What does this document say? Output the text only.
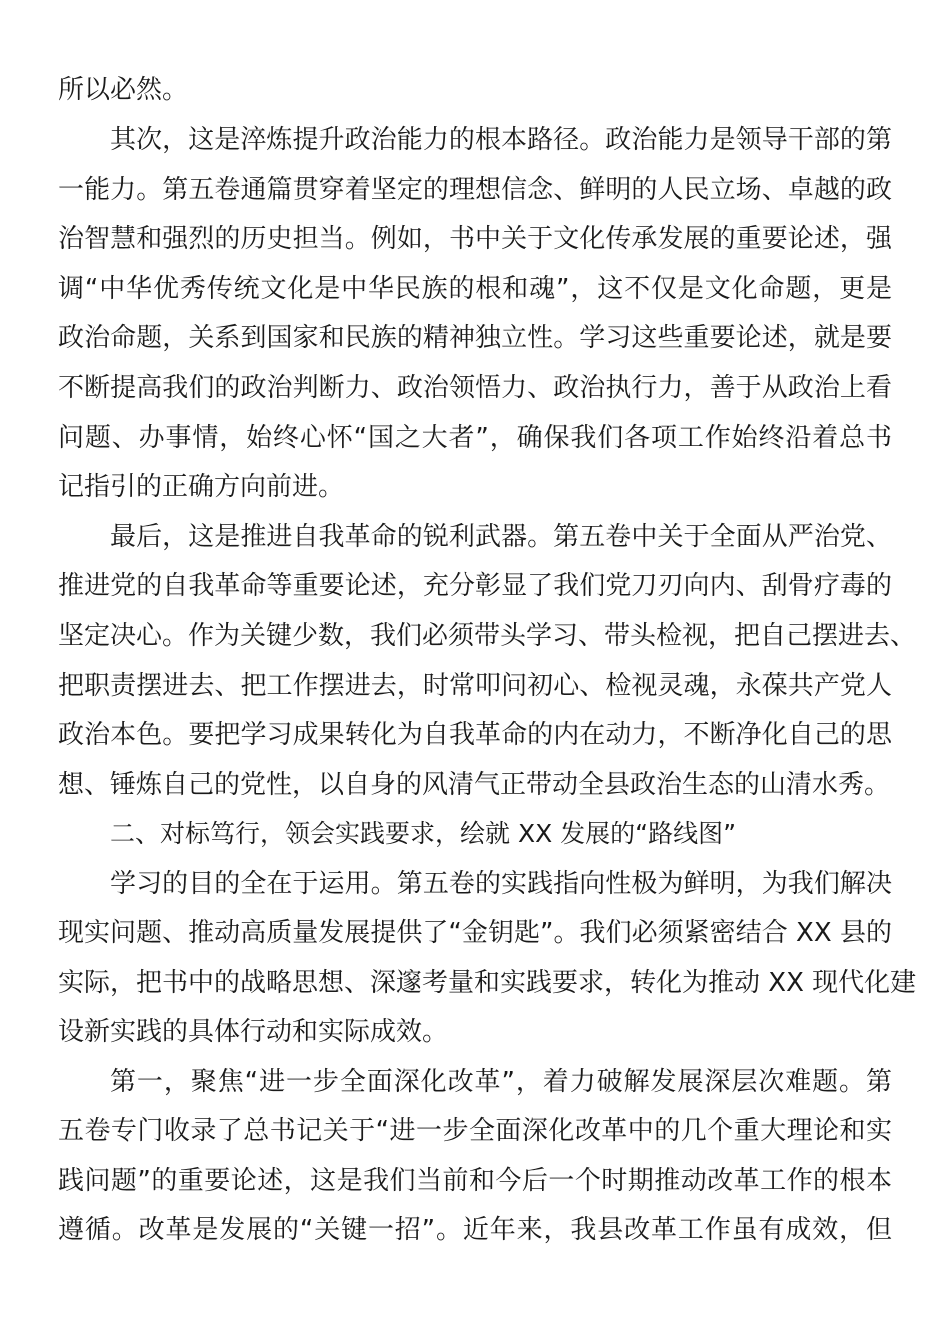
所以必然。
其次，这是淬炼提升政治能力的根本路径。政治能力是领导干部的第
一能力。第五卷通篇贯穿着坚定的理想信念、鲜明的人民立场、卓越的政
治智慧和强烈的历史担当。例如，书中关于文化传承发展的重要论述，强
调“中华优秀传统文化是中华民族的根和魂”，这不仅是文化命题，更是
政治命题，关系到国家和民族的精神独立性。学习这些重要论述，就是要
不断提高我们的政治判断力、政治领悟力、政治执行力，善于从政治上看
问题、办事情，始终心怀“国之大者”，确保我们各项工作始终沿着总书
记指引的正确方向前进。
最后，这是推进自我革命的锐利武器。第五卷中关于全面从严治党、
推进党的自我革命等重要论述，充分彰显了我们党刀刃向内、刮骨疗毒的
坚定决心。作为关键少数，我们必须带头学习、带头检视，把自己摆进去、
把职责摆进去、把工作摆进去，时常叩问初心、检视灵魂，永葆共产党人
政治本色。要把学习成果转化为自我革命的内在动力，不断净化自己的思
想、锤炼自己的党性，以自身的风清气正带动全县政治生态的山清水秀。
二、对标笃行，领会实践要求，绘就 XX 发展的“路线图”
学习的目的全在于运用。第五卷的实践指向性极为鲜明，为我们解决
现实问题、推动高质量发展提供了“金钥匙”。我们必须紧密结合 XX 县的
实际，把书中的战略思想、深邃考量和实践要求，转化为推动 XX 现代化建
设新实践的具体行动和实际成效。
第一，聚焦“进一步全面深化改革”，着力破解发展深层次难题。第
五卷专门收录了总书记关于“进一步全面深化改革中的几个重大理论和实
践问题”的重要论述，这是我们当前和今后一个时期推动改革工作的根本
遵循。改革是发展的“关键一招”。近年来，我县改革工作虽有成效，但
